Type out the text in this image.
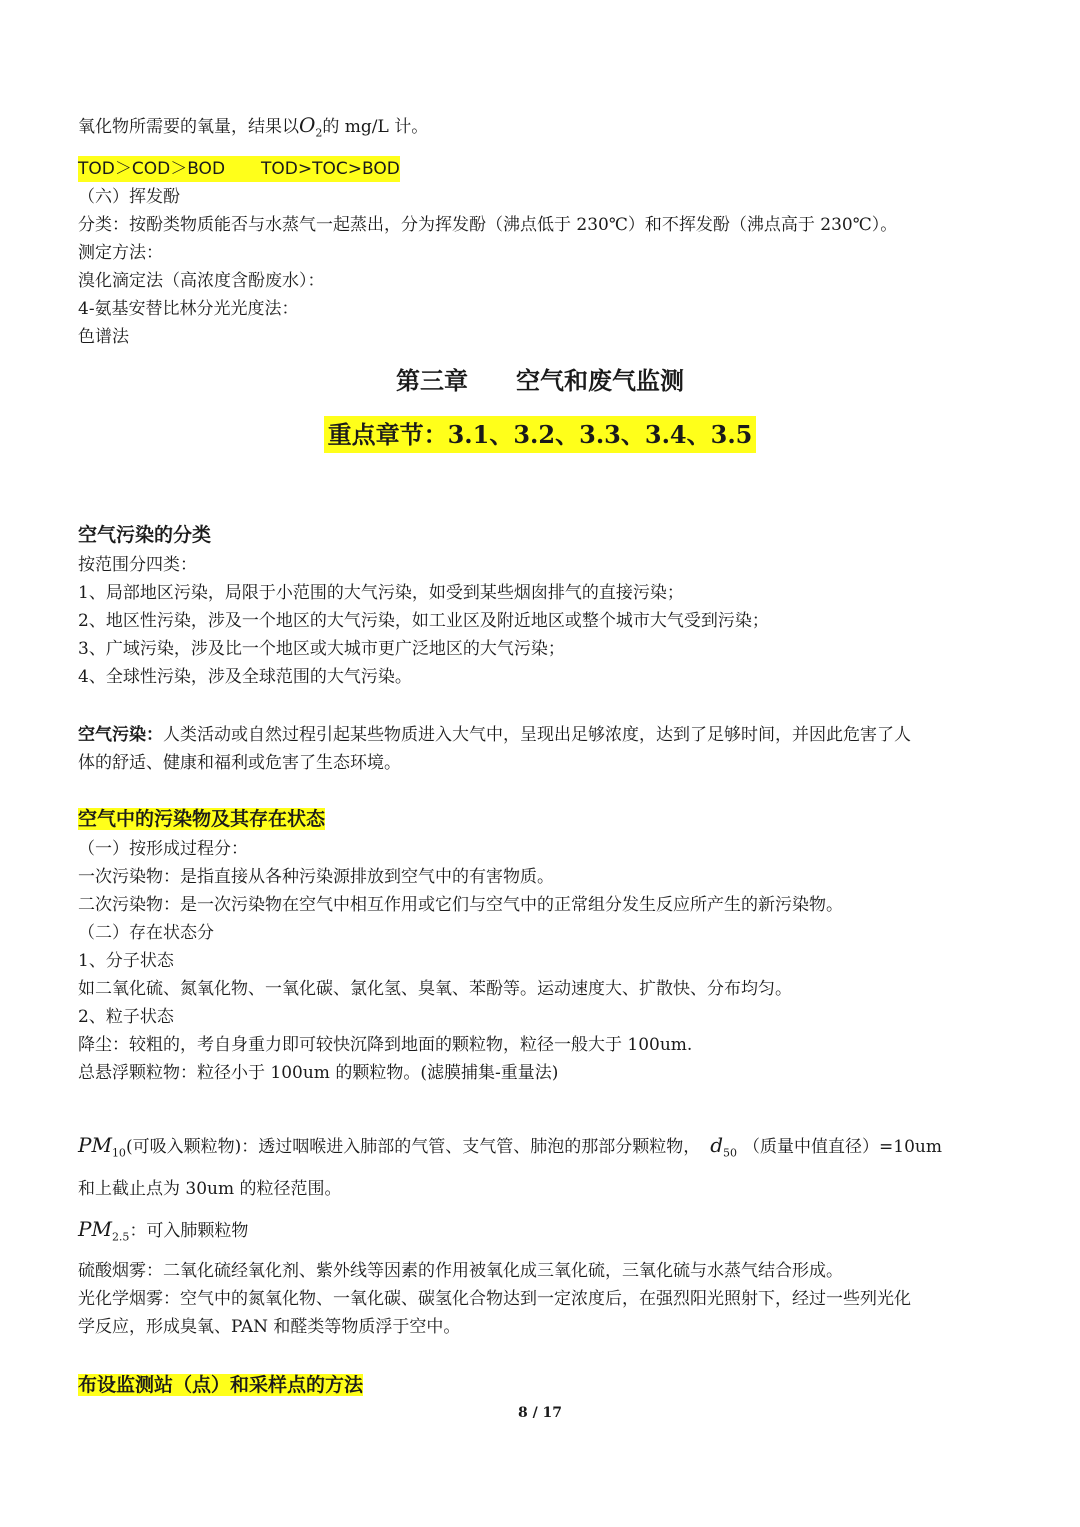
氧化物所需要的氧量，结果以$O_2$的 mg/L 计。
TOD＞COD＞BOD TOD>TOC>BOD
（六）挥发酚
分类：按酚类物质能否与水蒸气一起蒸出，分为挥发酚（沸点低于 230℃）和不挥发酚（沸点高于 230℃）。
测定方法：
溴化滴定法（高浓度含酚废水）：
4-氨基安替比林分光光度法：
色谱法
第三章　　空气和废气监测
重点章节：3.1、3.2、3.3、3.4、3.5
空气污染的分类
按范围分四类：
1、局部地区污染，局限于小范围的大气污染，如受到某些烟囱排气的直接污染；
2、地区性污染，涉及一个地区的大气污染，如工业区及附近地区或整个城市大气受到污染；
3、广域污染，涉及比一个地区或大城市更广泛地区的大气污染；
4、全球性污染，涉及全球范围的大气污染。
空气污染：人类活动或自然过程引起某些物质进入大气中，呈现出足够浓度，达到了足够时间，并因此危害了人
体的舒适、健康和福利或危害了生态环境。
空气中的污染物及其存在状态
（一）按形成过程分：
一次污染物：是指直接从各种污染源排放到空气中的有害物质。
二次污染物：是一次污染物在空气中相互作用或它们与空气中的正常组分发生反应所产生的新污染物。
（二）存在状态分
1、分子状态
如二氧化硫、氮氧化物、一氧化碳、氯化氢、臭氧、苯酚等。运动速度大、扩散快、分布均匀。
2、粒子状态
降尘：较粗的，考自身重力即可较快沉降到地面的颗粒物，粒径一般大于 100um.
总悬浮颗粒物：粒径小于 100um 的颗粒物。(滤膜捕集-重量法)
$PM_{10}$(可吸入颗粒物)：透过咽喉进入肺部的气管、支气管、肺泡的那部分颗粒物， $d_{50}$ （质量中值直径）=10um
和上截止点为 30um 的粒径范围。
$PM_{2.5}$：可入肺颗粒物
硫酸烟雾：二氧化硫经氧化剂、紫外线等因素的作用被氧化成三氧化硫，三氧化硫与水蒸气结合形成。
光化学烟雾：空气中的氮氧化物、一氧化碳、碳氢化合物达到一定浓度后，在强烈阳光照射下，经过一些列光化
学反应，形成臭氧、PAN 和醛类等物质浮于空中。
布设监测站（点）和采样点的方法
8 / 17
